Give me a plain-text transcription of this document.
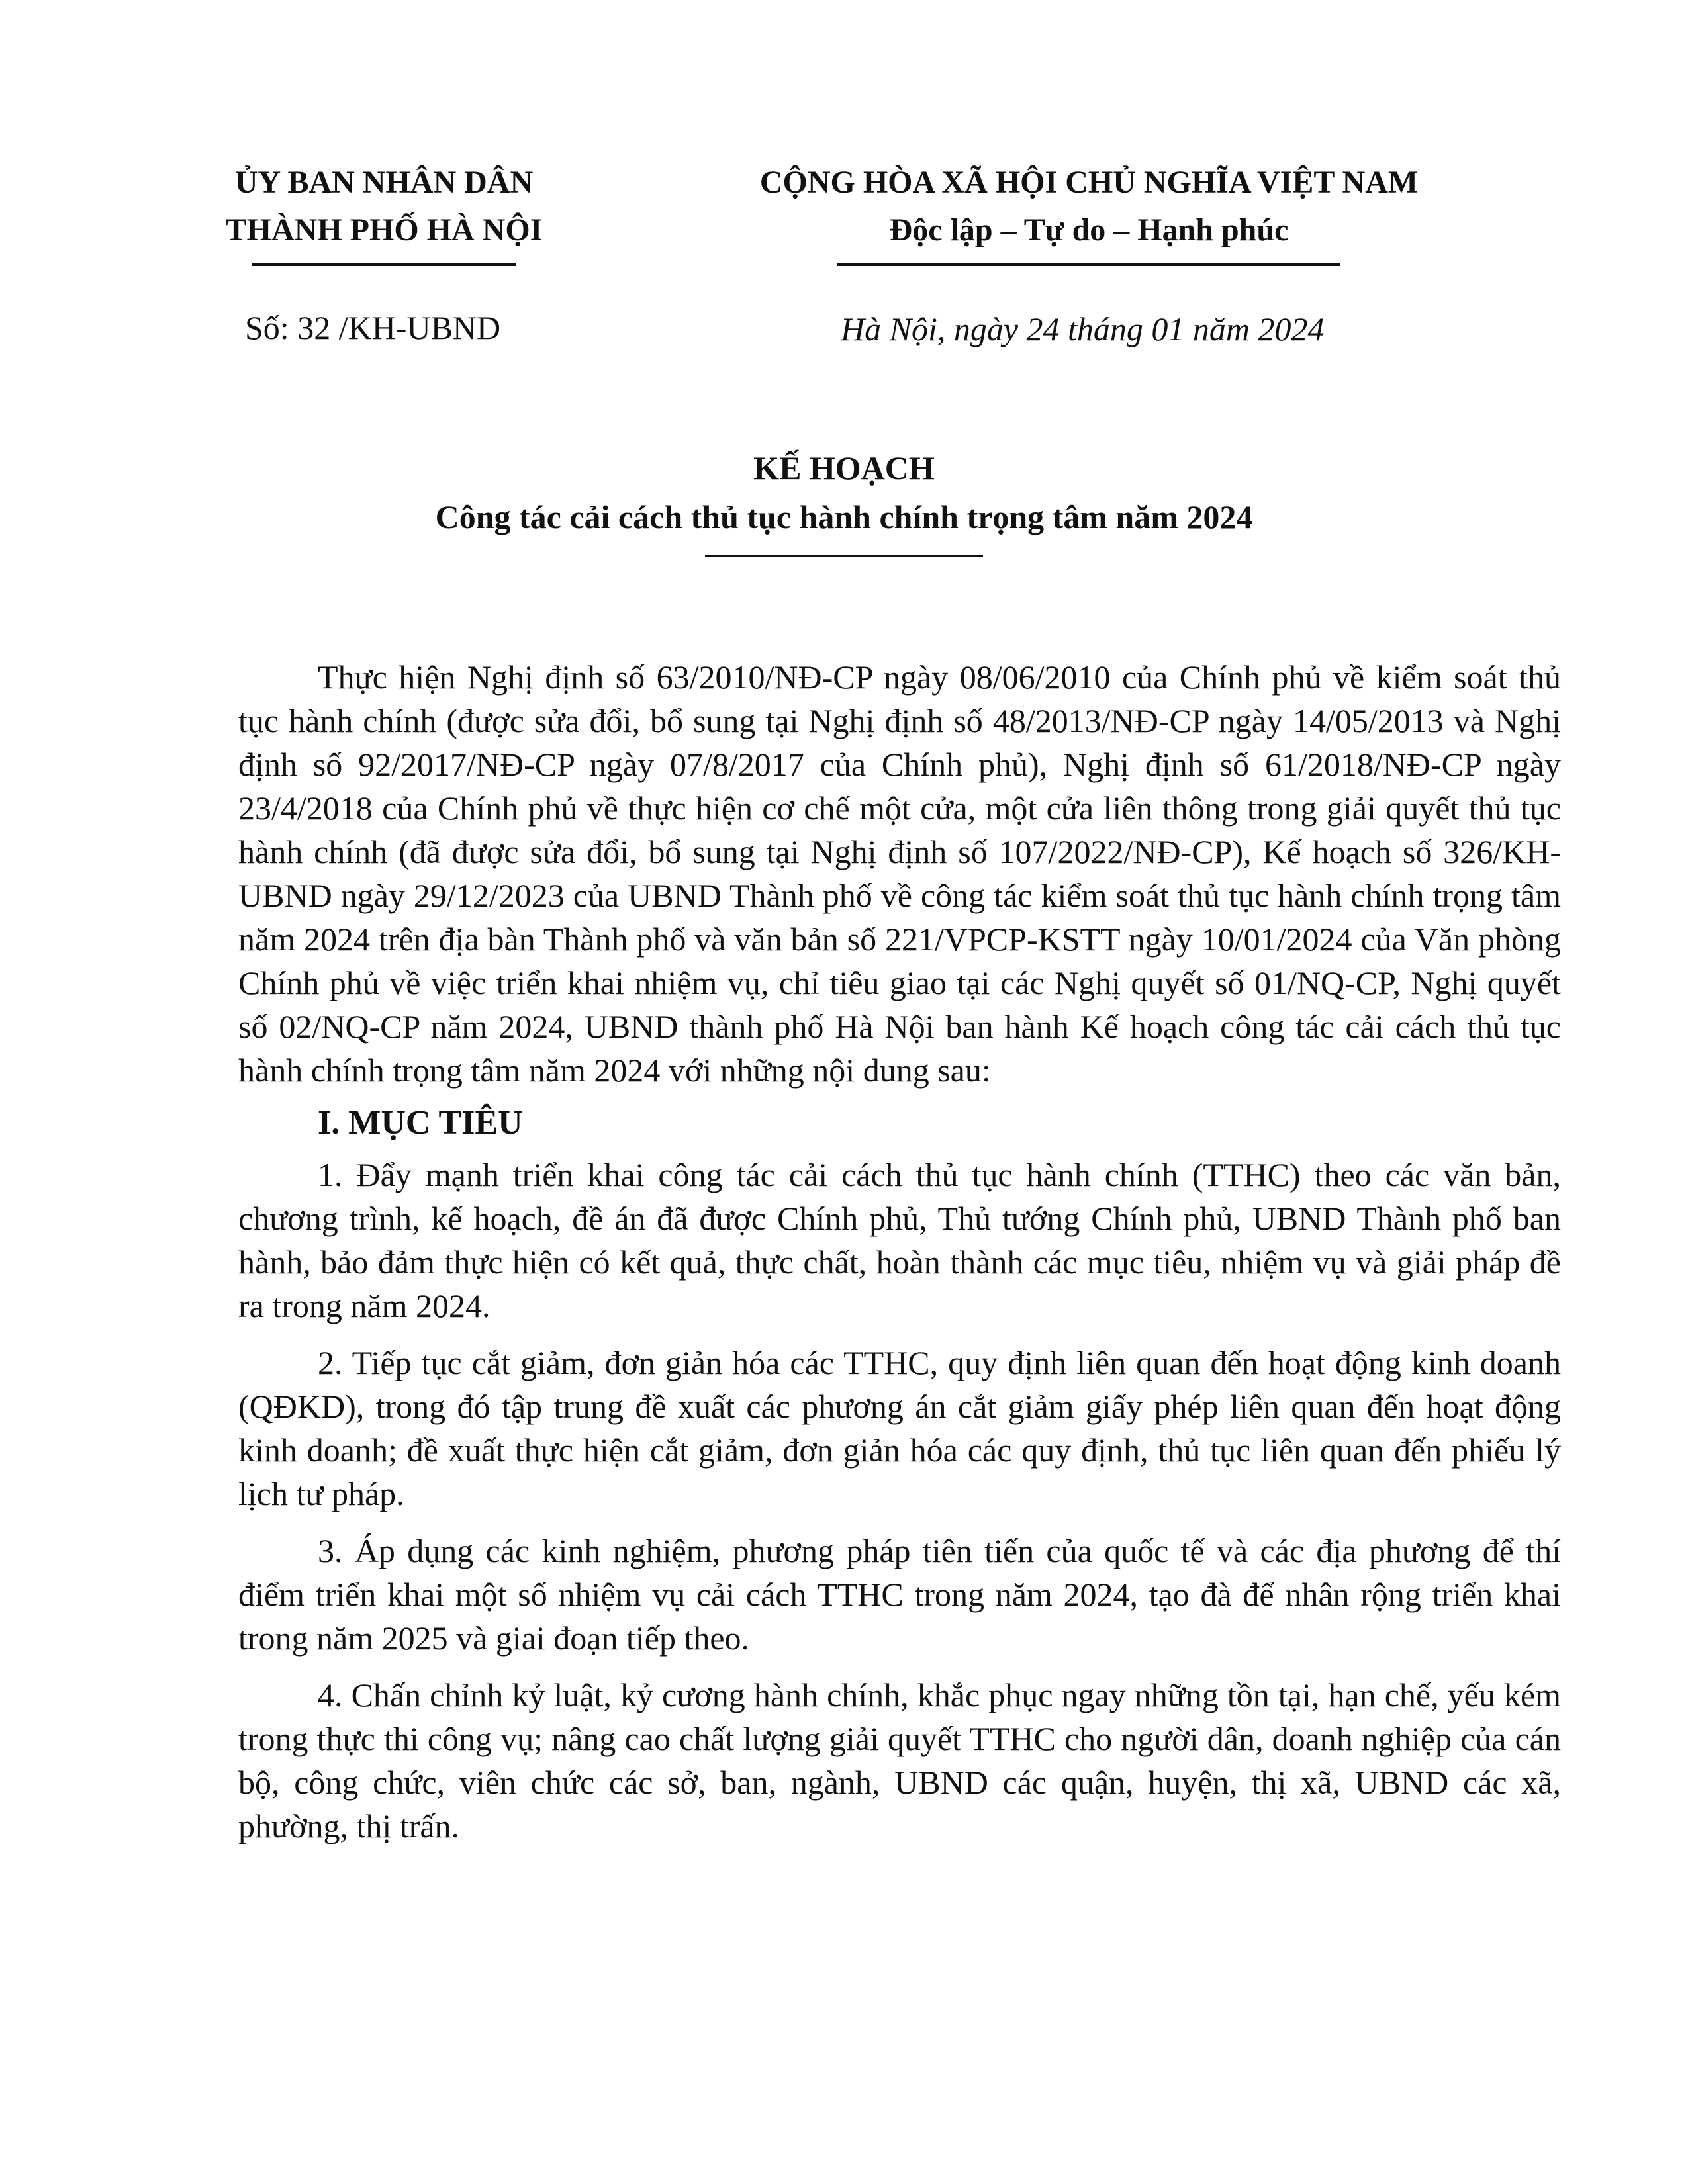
ỦY BAN NHÂN DÂN
THÀNH PHỐ HÀ NỘI
CỘNG HÒA XÃ HỘI CHỦ NGHĨA VIỆT NAM
Độc lập – Tự do – Hạnh phúc
Số: 32 /KH-UBND	Hà Nội, ngày 24 tháng 01 năm 2024
KẾ HOẠCH
Công tác cải cách thủ tục hành chính trọng tâm năm 2024

Thực hiện Nghị định số 63/2010/NĐ-CP ngày 08/06/2010 của Chính phủ về kiểm soát thủ tục hành chính (được sửa đổi, bổ sung tại Nghị định số 48/2013/NĐ-CP ngày 14/05/2013 và Nghị định số 92/2017/NĐ-CP ngày 07/8/2017 của Chính phủ), Nghị định số 61/2018/NĐ-CP ngày 23/4/2018 của Chính phủ về thực hiện cơ chế một cửa, một cửa liên thông trong giải quyết thủ tục hành chính (đã được sửa đổi, bổ sung tại Nghị định số 107/2022/NĐ-CP), Kế hoạch số 326/KH-UBND ngày 29/12/2023 của UBND Thành phố về công tác kiểm soát thủ tục hành chính trọng tâm năm 2024 trên địa bàn Thành phố và văn bản số 221/VPCP-KSTT ngày 10/01/2024 của Văn phòng Chính phủ về việc triển khai nhiệm vụ, chỉ tiêu giao tại các Nghị quyết số 01/NQ-CP, Nghị quyết số 02/NQ-CP năm 2024, UBND thành phố Hà Nội ban hành Kế hoạch công tác cải cách thủ tục hành chính trọng tâm năm 2024 với những nội dung sau:

I. MỤC TIÊU

1. Đẩy mạnh triển khai công tác cải cách thủ tục hành chính (TTHC) theo các văn bản, chương trình, kế hoạch, đề án đã được Chính phủ, Thủ tướng Chính phủ, UBND Thành phố ban hành, bảo đảm thực hiện có kết quả, thực chất, hoàn thành các mục tiêu, nhiệm vụ và giải pháp đề ra trong năm 2024.

2. Tiếp tục cắt giảm, đơn giản hóa các TTHC, quy định liên quan đến hoạt động kinh doanh (QĐKD), trong đó tập trung đề xuất các phương án cắt giảm giấy phép liên quan đến hoạt động kinh doanh; đề xuất thực hiện cắt giảm, đơn giản hóa các quy định, thủ tục liên quan đến phiếu lý lịch tư pháp.

3. Áp dụng các kinh nghiệm, phương pháp tiên tiến của quốc tế và các địa phương để thí điểm triển khai một số nhiệm vụ cải cách TTHC trong năm 2024, tạo đà để nhân rộng triển khai trong năm 2025 và giai đoạn tiếp theo.

4. Chấn chỉnh kỷ luật, kỷ cương hành chính, khắc phục ngay những tồn tại, hạn chế, yếu kém trong thực thi công vụ; nâng cao chất lượng giải quyết TTHC cho người dân, doanh nghiệp của cán bộ, công chức, viên chức các sở, ban, ngành, UBND các quận, huyện, thị xã, UBND các xã, phường, thị trấn.
